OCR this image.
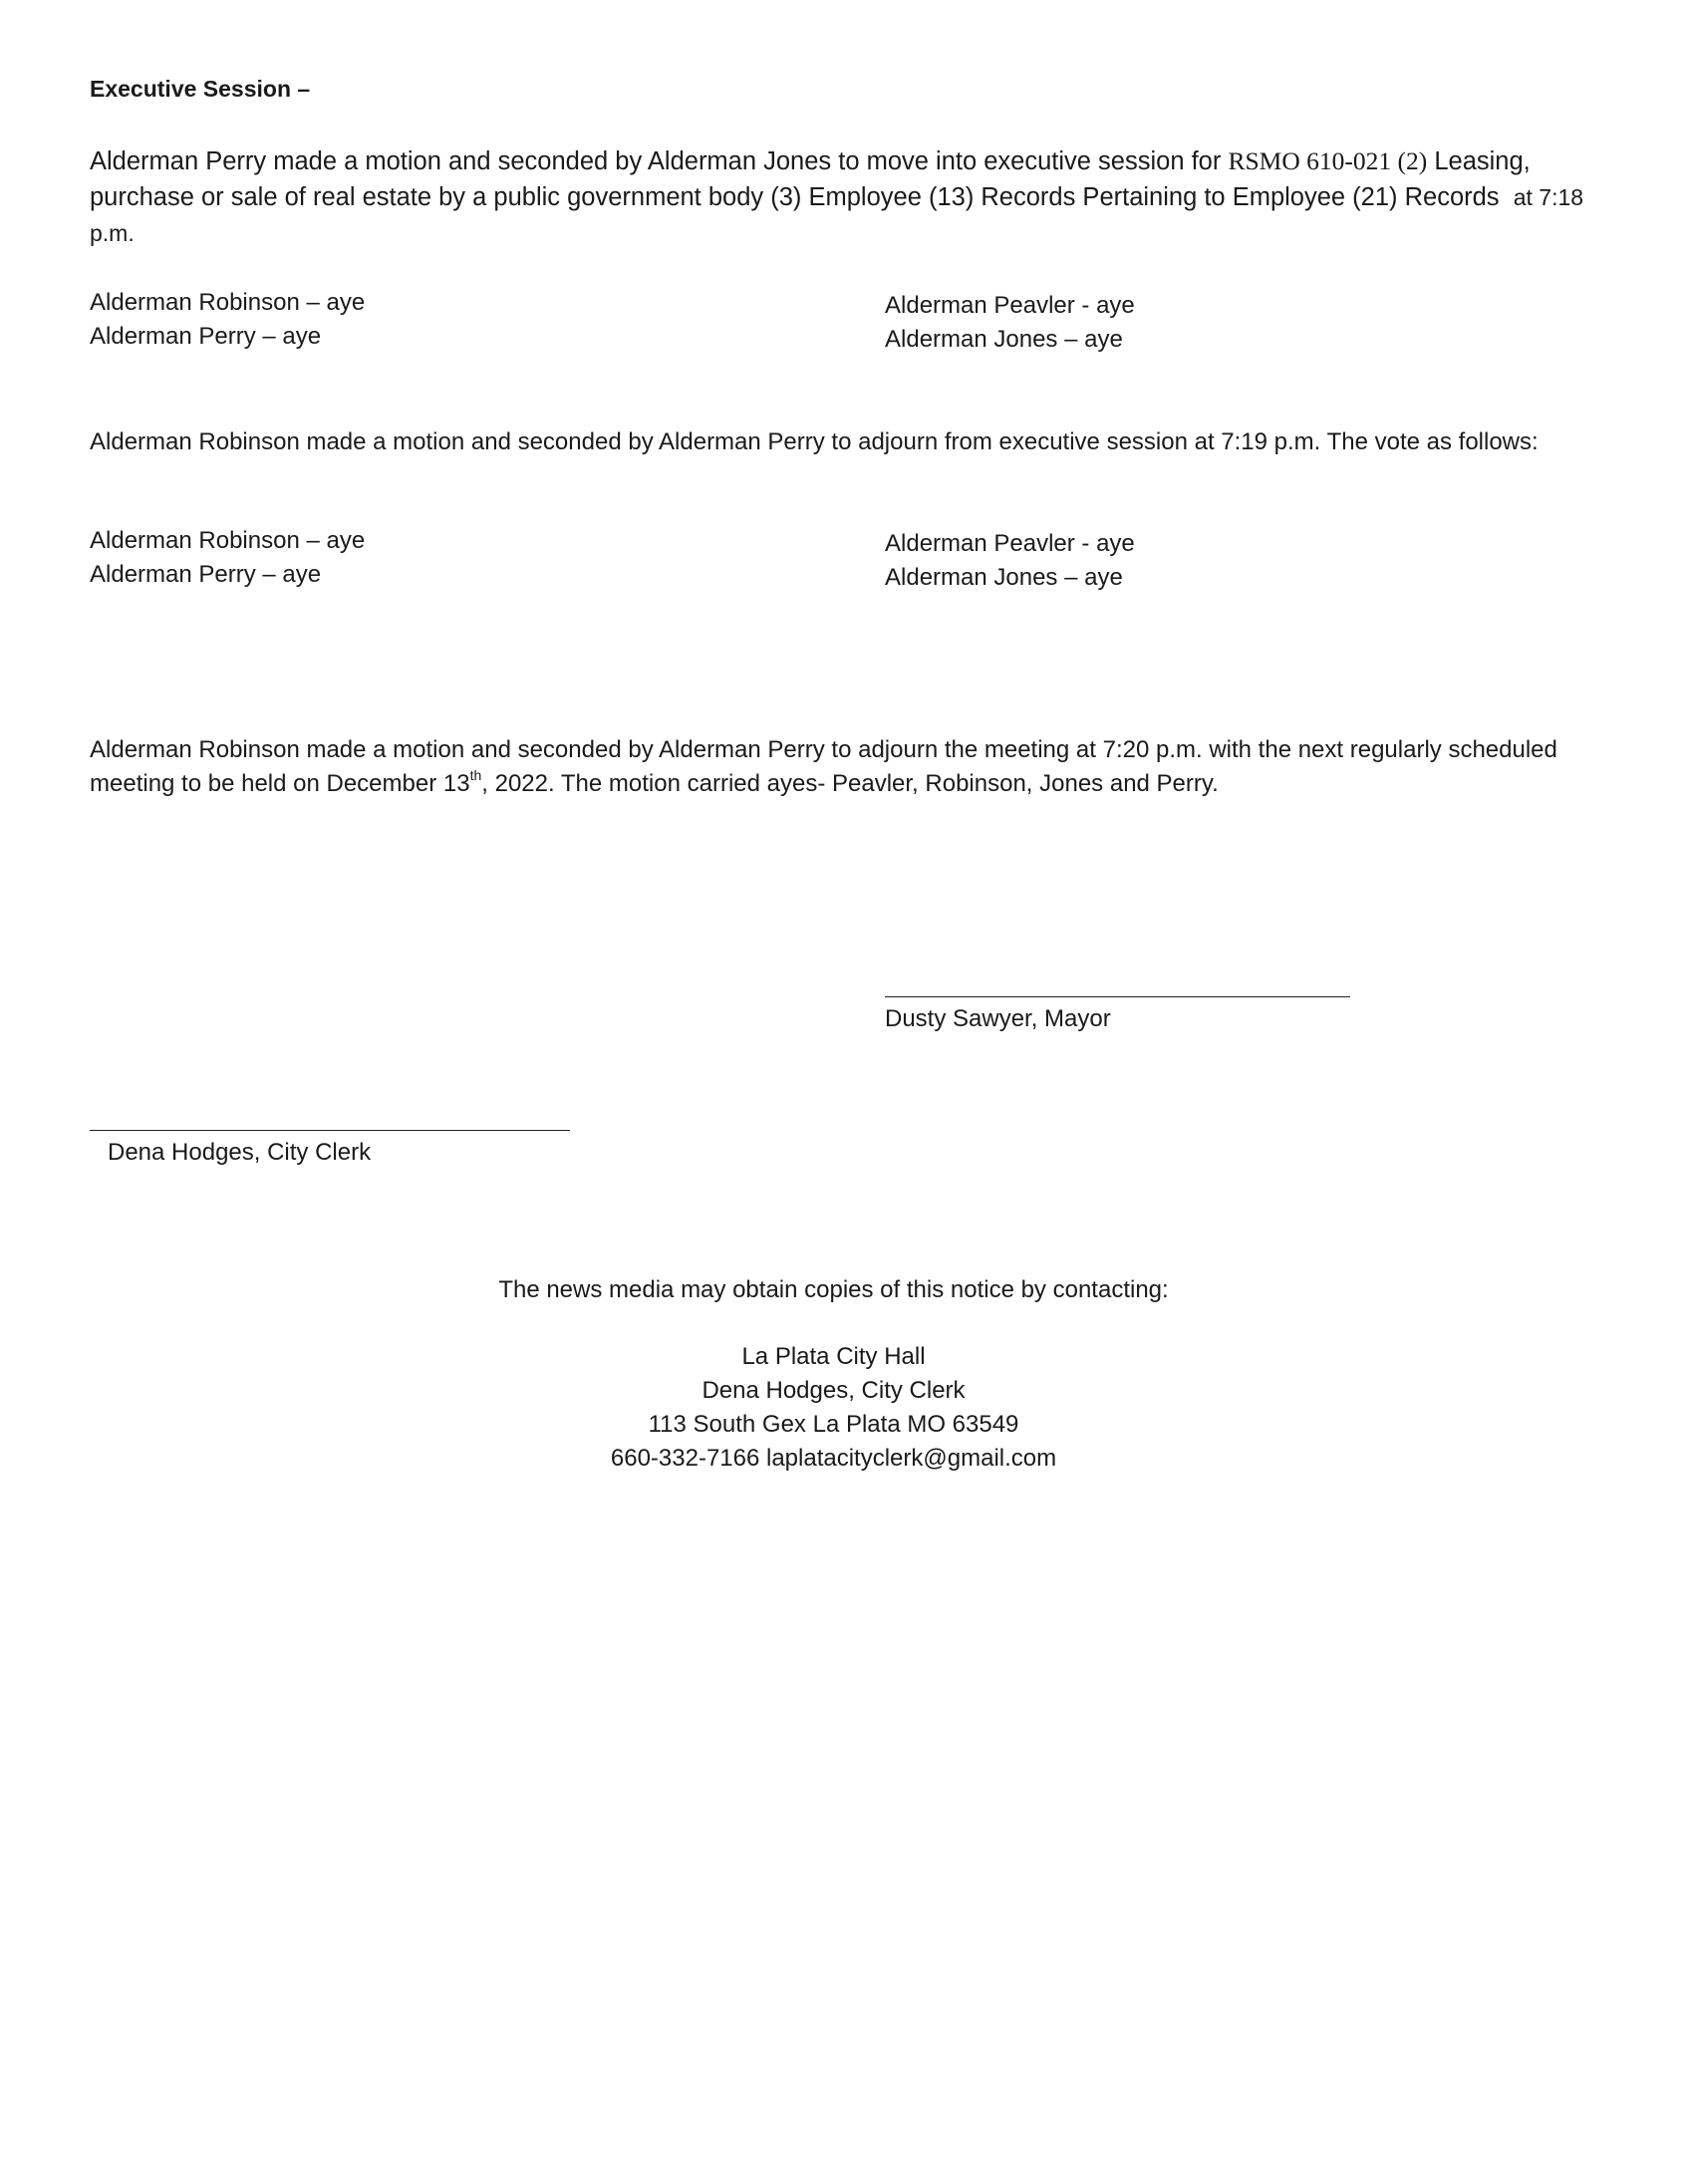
Executive Session –
Alderman Perry made a motion and seconded by Alderman Jones to move into executive session for RSMO 610-021 (2) Leasing, purchase or sale of real estate by a public government body (3) Employee (13) Records Pertaining to Employee (21) Records at 7:18 p.m.
Alderman Robinson – aye
Alderman Perry – aye
Alderman Peavler - aye
Alderman Jones – aye
Alderman Robinson made a motion and seconded by Alderman Perry to adjourn from executive session at 7:19 p.m. The vote as follows:
Alderman Robinson – aye
Alderman Perry – aye
Alderman Peavler - aye
Alderman Jones – aye
Alderman Robinson made a motion and seconded by Alderman Perry to adjourn the meeting at 7:20 p.m. with the next regularly scheduled meeting to be held on December 13th, 2022. The motion carried ayes- Peavler, Robinson, Jones and Perry.
Dusty Sawyer, Mayor
Dena Hodges, City Clerk
The news media may obtain copies of this notice by contacting:
La Plata City Hall
Dena Hodges, City Clerk
113 South Gex La Plata MO 63549
660-332-7166 laplatacityclerk@gmail.com
